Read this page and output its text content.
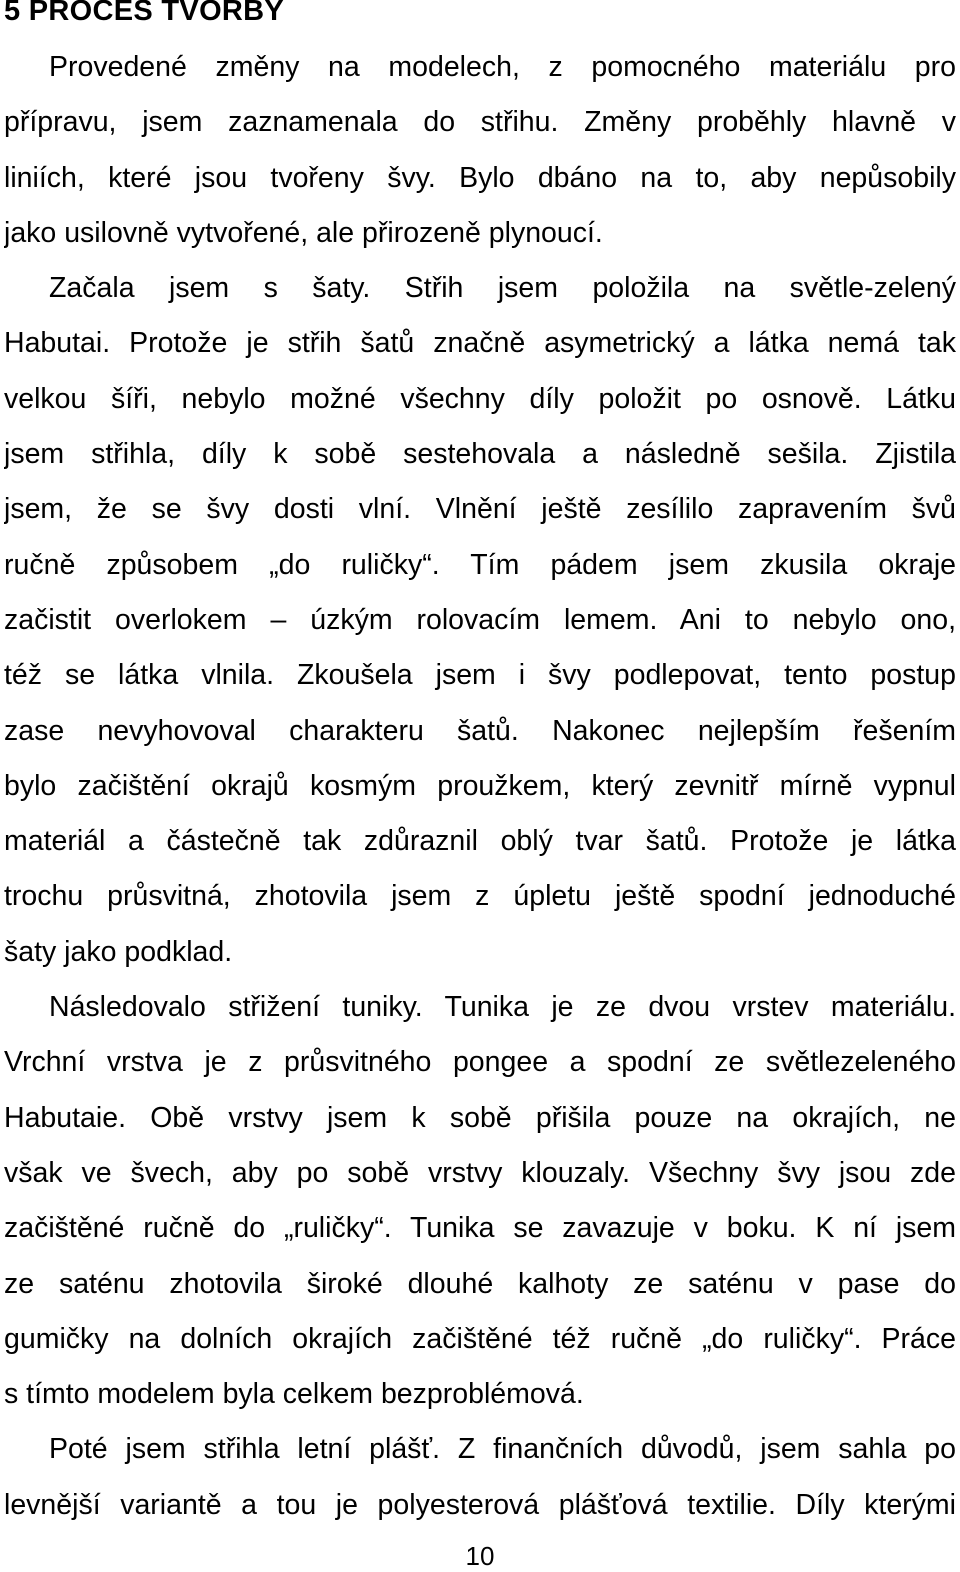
5 PROCES TVORBY
Provedené změny na modelech, z pomocného materiálu pro
přípravu, jsem zaznamenala do střihu. Změny proběhly hlavně v
liniích, které jsou tvořeny švy. Bylo dbáno na to, aby nepůsobily
jako usilovně vytvořené, ale přirozeně plynoucí.
Začala jsem s šaty. Střih jsem položila na světle-zelený
Habutai. Protože je střih šatů značně asymetrický a látka nemá tak
velkou šíři, nebylo možné všechny díly položit po osnově. Látku
jsem střihla, díly k sobě sestehovala a následně sešila. Zjistila
jsem, že se švy dosti vlní. Vlnění ještě zesílilo zapravením švů
ručně způsobem „do ruličky“. Tím pádem jsem zkusila okraje
začistit overlokem – úzkým rolovacím lemem. Ani to nebylo ono,
též se látka vlnila. Zkoušela jsem i švy podlepovat, tento postup
zase nevyhovoval charakteru šatů. Nakonec nejlepším řešením
bylo začištění okrajů kosmým proužkem, který zevnitř mírně vypnul
materiál a částečně tak zdůraznil oblý tvar šatů. Protože je látka
trochu průsvitná, zhotovila jsem z úpletu ještě spodní jednoduché
šaty jako podklad.
Následovalo střižení tuniky. Tunika je ze dvou vrstev materiálu.
Vrchní vrstva je z průsvitného pongee a spodní ze světlezeleného
Habutaie. Obě vrstvy jsem k sobě přišila pouze na okrajích, ne
však ve švech, aby po sobě vrstvy klouzaly. Všechny švy jsou zde
začištěné ručně do „ruličky“. Tunika se zavazuje v boku. K ní jsem
ze saténu zhotovila široké dlouhé kalhoty ze saténu v pase do
gumičky na dolních okrajích začištěné též ručně „do ruličky“. Práce
s tímto modelem byla celkem bezproblémová.
Poté jsem střihla letní plášť. Z finančních důvodů, jsem sahla po
levnější variantě a tou je polyesterová plášťová textilie. Díly kterými
10
